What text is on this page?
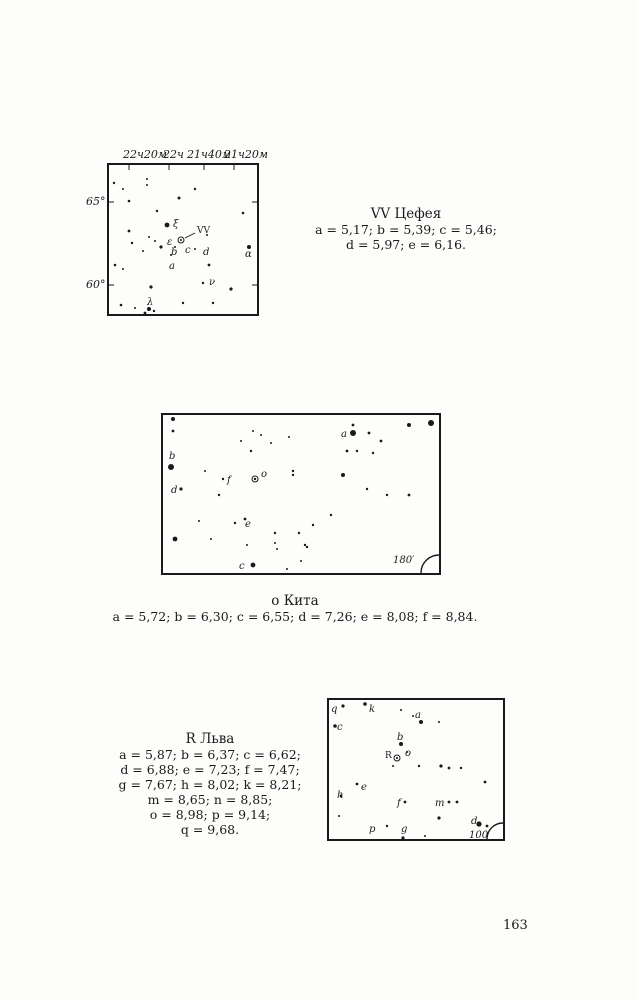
22ч20м
22ч 21ч40м
21ч20м
65°
60°
ξ
VV
ε
c
b
a
d
ν
λ
α
VV Цефея
a = 5,17; b = 5,39; c = 5,46;
d = 5,97; e = 6,16.
180′
a
b
o
f
d
e
c
o Кита
a = 5,72; b = 6,30; c = 6,55; d = 7,26; e = 8,08; f = 8,84.
R Льва
a = 5,87; b = 6,37; c = 6,62;
d = 6,88; e = 7,23; f = 7,47;
g = 7,67; h = 8,02; k = 8,21;
m = 8,65; n = 8,85;
o = 8,98; p = 9,14;
q = 9,68.	100′
q	k
a
c
b
R o
e
h
f	m
p	g
d
163
